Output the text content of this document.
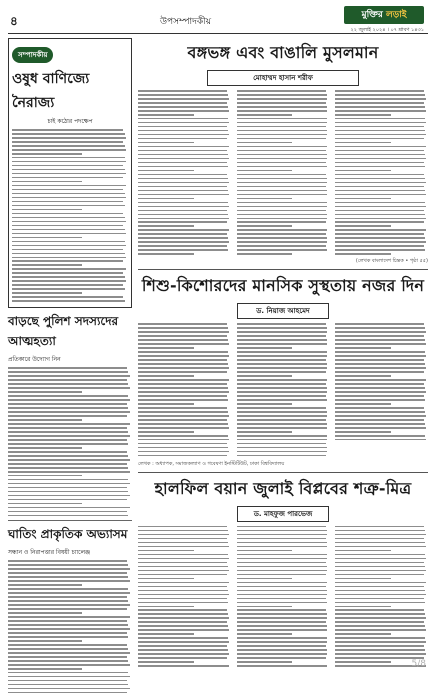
৪	উপসম্পাদকীয়
মুক্তির লড়াই
২২ জুলাই ২০২৪ । ০৭ শ্রাবণ ১৪৩১
সম্পাদকীয়
ওষুধ বাণিজ্যে নৈরাজ্য
চাই কঠোর পদক্ষেপ
বাড়ছে পুলিশ সদস্যদের আত্মহত্যা
প্রতিকারে উদ্যোগ নিন
ঘাতিং প্রাকৃতিক অভ্যাসম
সন্ধান ও নিরাপত্তার বিষয়ী চ্যালেঞ্জ
বঙ্গভঙ্গ এবং বাঙালি মুসলমান
মোহাম্মদ হাসান শরীফ
(লেখক বাংলাদেশ চিন্তক • পৃষ্ঠা ৫৫)
শিশু-কিশোরদের মানসিক সুস্থতায় নজর দিন
ড. নিয়াজ আহমেদ
লেখক : অধ্যাপক, সমাজকল্যাণ ও গবেষণা ইনস্টিটিউট, ঢাকা বিশ্ববিদ্যালয়
হালফিল বয়ান জুলাই বিপ্লবের শত্রু-মিত্র
ড. মাহফুজ পারভেজ
5/8
